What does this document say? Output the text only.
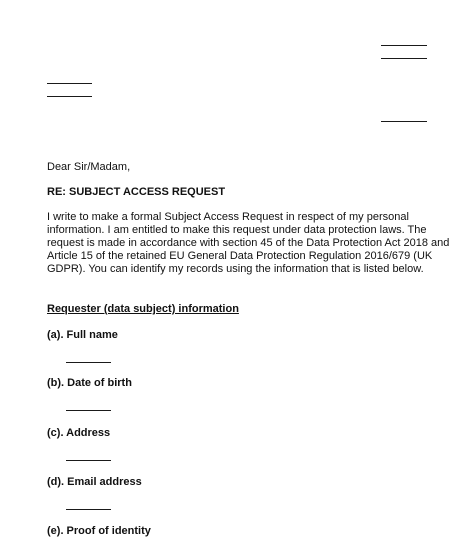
Dear Sir/Madam,
RE: SUBJECT ACCESS REQUEST
I write to make a formal Subject Access Request in respect of my personal
information. I am entitled to make this request under data protection laws. The
request is made in accordance with section 45 of the Data Protection Act 2018 and
Article 15 of the retained EU General Data Protection Regulation 2016/679 (UK
GDPR). You can identify my records using the information that is listed below.
Requester (data subject) information
(a). Full name
(b). Date of birth
(c). Address
(d). Email address
(e). Proof of identity
